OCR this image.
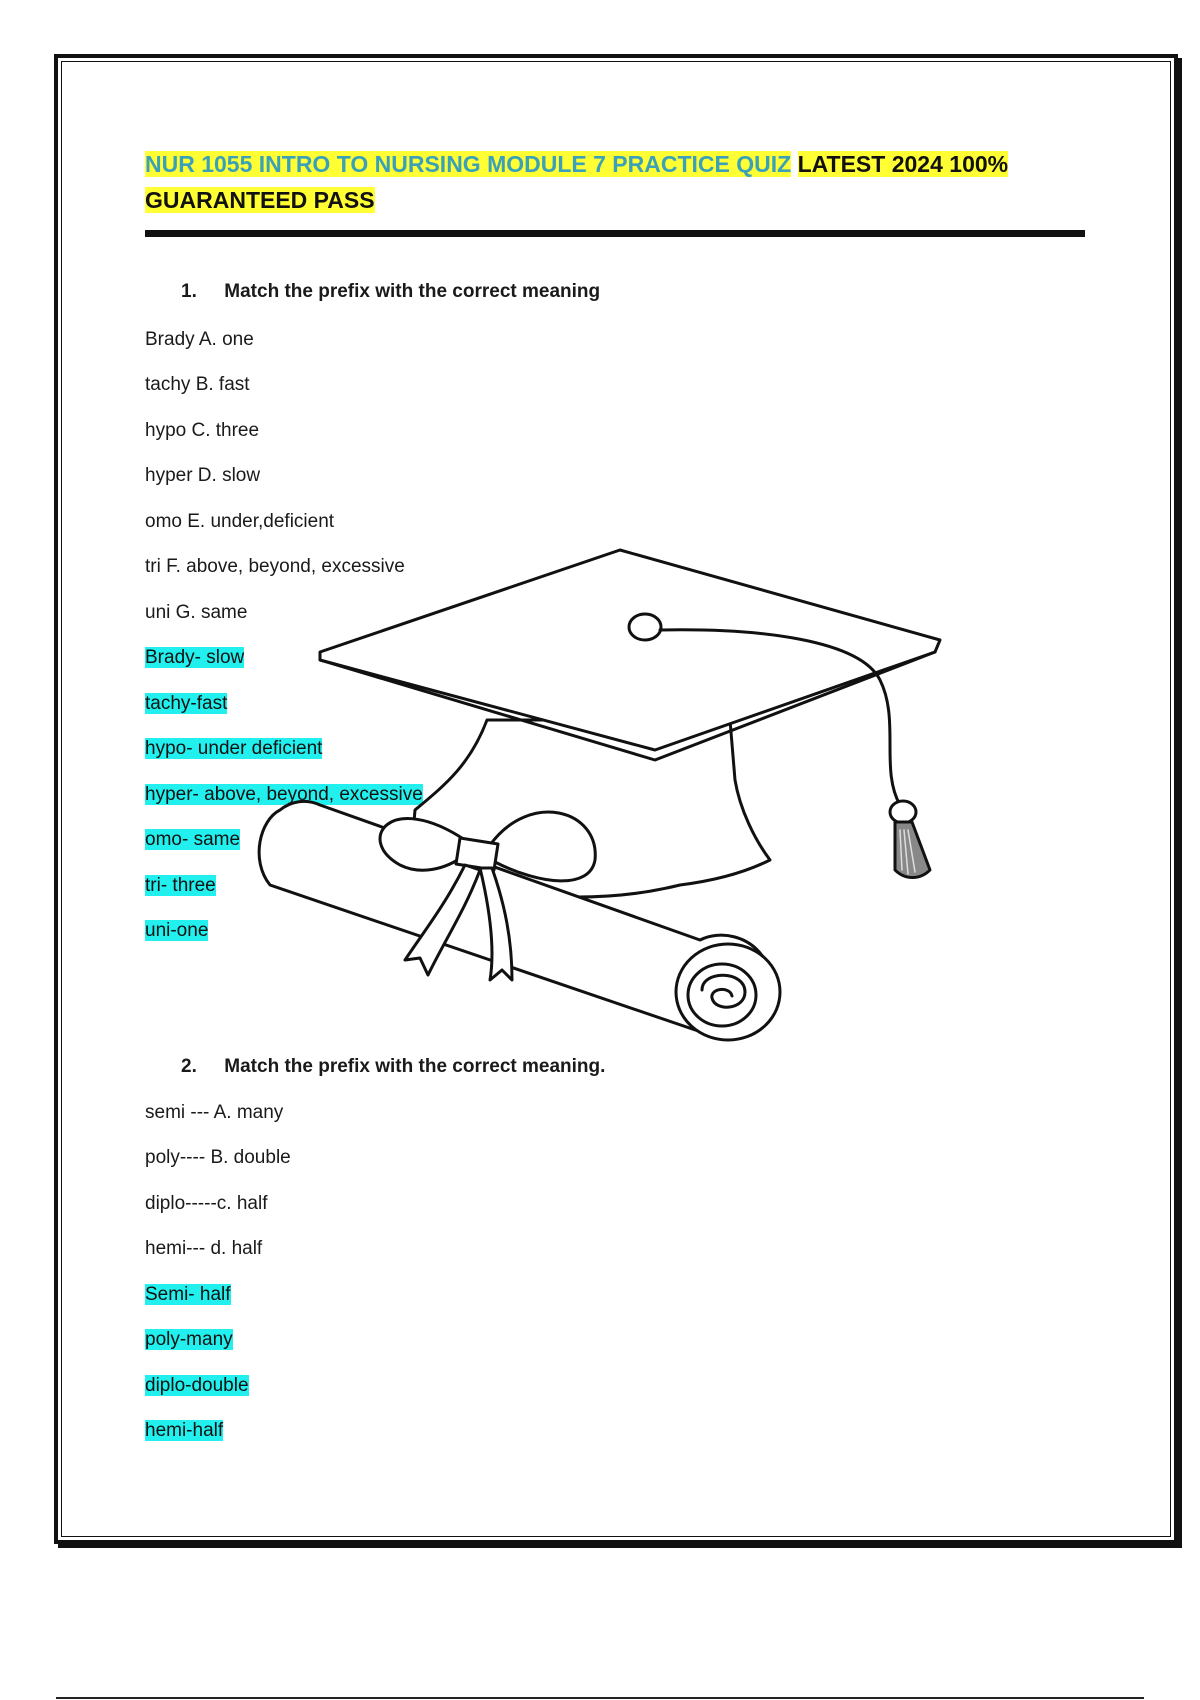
NUR 1055 INTRO TO NURSING MODULE 7 PRACTICE QUIZ LATEST 2024 100% GUARANTEED PASS

1. Match the prefix with the correct meaning

Brady A. one
tachy B. fast
hypo C. three
hyper D. slow
omo E. under,deficient
tri F. above, beyond, excessive
uni G. same
Brady- slow
tachy-fast
hypo- under deficient
hyper- above, beyond, excessive
omo- same
tri- three
uni-one

2. Match the prefix with the correct meaning.

semi --- A. many
poly---- B. double
diplo-----c. half
hemi--- d. half
Semi- half
poly-many
diplo-double
hemi-half
